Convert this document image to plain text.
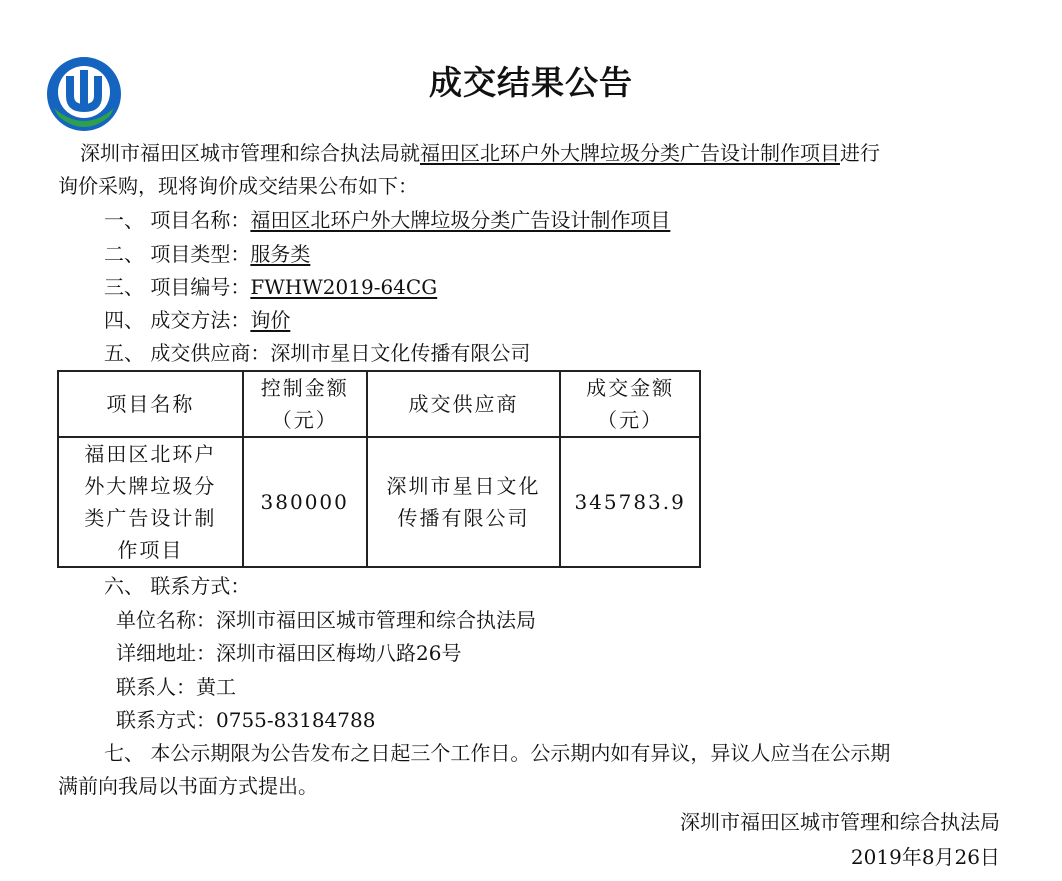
成交结果公告
深圳市福田区城市管理和综合执法局就福田区北环户外大牌垃圾分类广告设计制作项目进行
询价采购，现将询价成交结果公布如下：
一、 项目名称：福田区北环户外大牌垃圾分类广告设计制作项目
二、 项目类型：服务类
三、 项目编号：FWHW2019-64CG
四、 成交方法：询价
五、 成交供应商：深圳市星日文化传播有限公司
项目名称	控制金额（元）	成交供应商	成交金额（元）
福田区北环户外大牌垃圾分类广告设计制作项目	380000	深圳市星日文化传播有限公司	345783.9
六、 联系方式：
单位名称：深圳市福田区城市管理和综合执法局
详细地址：深圳市福田区梅坳八路26号
联系人：黄工
联系方式：0755-83184788
七、 本公示期限为公告发布之日起三个工作日。公示期内如有异议，异议人应当在公示期
满前向我局以书面方式提出。
深圳市福田区城市管理和综合执法局
2019年8月26日
